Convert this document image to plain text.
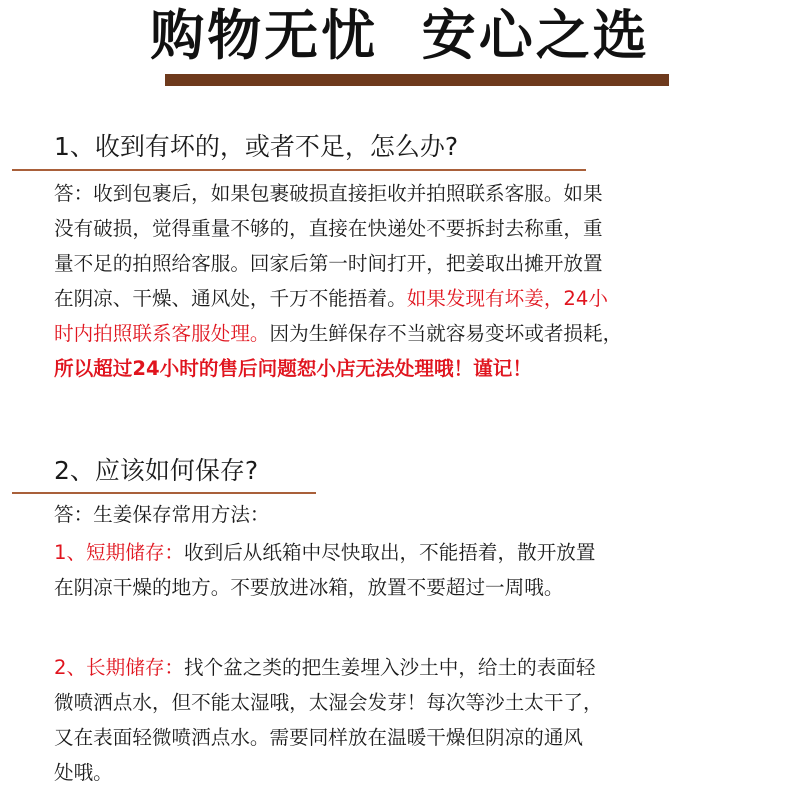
购物无忧  安心之选
1、收到有坏的，或者不足，怎么办?

答：收到包裹后，如果包裹破损直接拒收并拍照联系客服。如果

没有破损，觉得重量不够的，直接在快递处不要拆封去称重，重

量不足的拍照给客服。回家后第一时间打开，把姜取出摊开放置

在阴凉、干燥、通风处，千万不能捂着。如果发现有坏姜，24小

时内拍照联系客服处理。因为生鲜保存不当就容易变坏或者损耗，

所以超过24小时的售后问题恕小店无法处理哦！谨记！

2、应该如何保存?

答：生姜保存常用方法：

1、短期储存：收到后从纸箱中尽快取出，不能捂着，散开放置

在阴凉干燥的地方。不要放进冰箱，放置不要超过一周哦。

2、长期储存：找个盆之类的把生姜埋入沙土中，给土的表面轻

微喷洒点水，但不能太湿哦，太湿会发芽！每次等沙土太干了，

又在表面轻微喷洒点水。需要同样放在温暖干燥但阴凉的通风

处哦。
